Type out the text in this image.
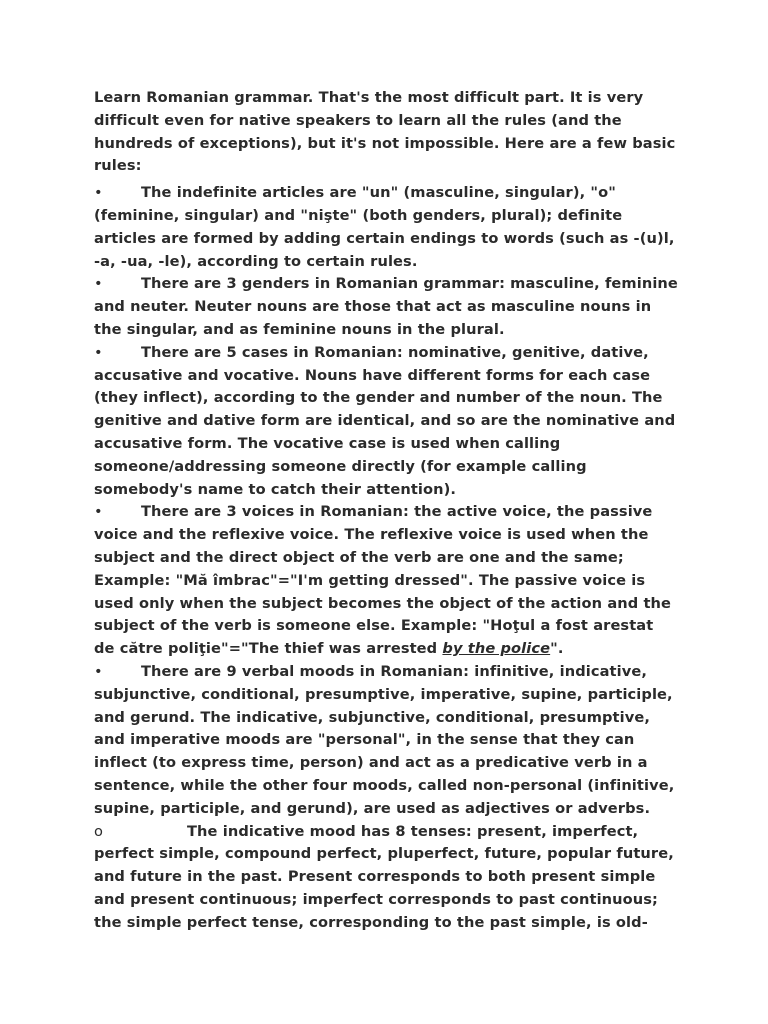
Learn Romanian grammar. That's the most difficult part. It is very difficult even for native speakers to learn all the rules (and the hundreds of exceptions), but it's not impossible. Here are a few basic rules:

•	The indefinite articles are "un" (masculine, singular), "o" (feminine, singular) and "nişte" (both genders, plural); definite articles are formed by adding certain endings to words (such as -(u)l, -a, -ua, -le), according to certain rules.

•	There are 3 genders in Romanian grammar: masculine, feminine and neuter. Neuter nouns are those that act as masculine nouns in the singular, and as feminine nouns in the plural.

•	There are 5 cases in Romanian: nominative, genitive, dative, accusative and vocative. Nouns have different forms for each case (they inflect), according to the gender and number of the noun. The genitive and dative form are identical, and so are the nominative and accusative form. The vocative case is used when calling someone/addressing someone directly (for example calling somebody's name to catch their attention).

•	There are 3 voices in Romanian: the active voice, the passive voice and the reflexive voice. The reflexive voice is used when the subject and the direct object of the verb are one and the same; Example: "Mă îmbrac"="I'm getting dressed". The passive voice is used only when the subject becomes the object of the action and the subject of the verb is someone else. Example: "Hoţul a fost arestat de către poliţie"="The thief was arrested by the police".

•	There are 9 verbal moods in Romanian: infinitive, indicative, subjunctive, conditional, presumptive, imperative, supine, participle, and gerund. The indicative, subjunctive, conditional, presumptive, and imperative moods are "personal", in the sense that they can inflect (to express time, person) and act as a predicative verb in a sentence, while the other four moods, called non-personal (infinitive, supine, participle, and gerund), are used as adjectives or adverbs.

o	The indicative mood has 8 tenses: present, imperfect, perfect simple, compound perfect, pluperfect, future, popular future, and future in the past. Present corresponds to both present simple and present continuous; imperfect corresponds to past continuous; the simple perfect tense, corresponding to the past simple, is old-
